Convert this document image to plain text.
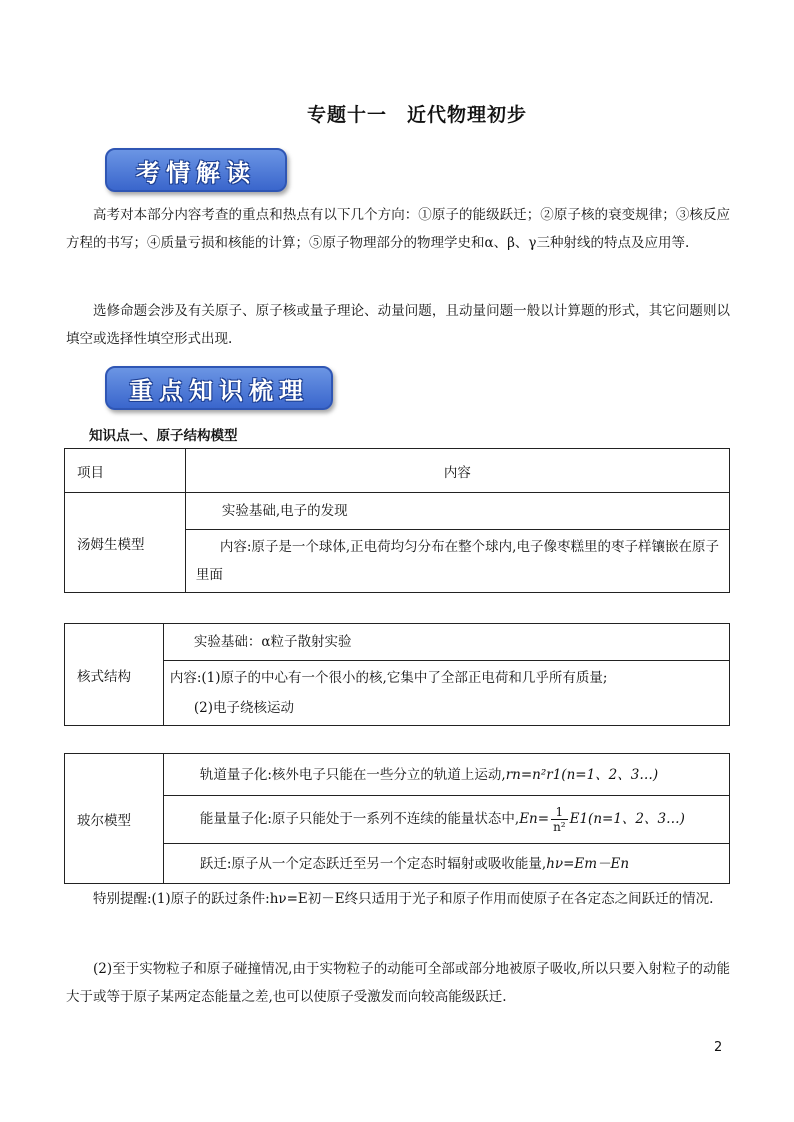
专题十一　近代物理初步
考情解读

高考对本部分内容考查的重点和热点有以下几个方向：①原子的能级跃迁；②原子核的衰变规律；③核反应方程的书写；④质量亏损和核能的计算；⑤原子物理部分的物理学史和α、β、γ三种射线的特点及应用等.

选修命题会涉及有关原子、原子核或量子理论、动量问题，且动量问题一般以计算题的形式，其它问题则以填空或选择性填空形式出现.

重点知识梳理
知识点一、原子结构模型
项目	内容
汤姆生模型	实验基础,电子的发现
	内容:原子是一个球体,正电荷均匀分布在整个球内,电子像枣糕里的枣子样镶嵌在原子里面
核式结构	实验基础：α粒子散射实验

内容:(1)原子的中心有一个很小的核,它集中了全部正电荷和几乎所有质量;
(2)电子绕核运动
玻尔模型	轨道量子化:核外电子只能在一些分立的轨道上运动,rn=n²r1(n=1、2、3…)
能量量子化:原子只能处于一系列不连续的能量状态中$,En= \frac{1}{\text{n²}} E1(n=1$、2、3…)
跃迁:原子从一个定态跃迁至另一个定态时辐射或吸收能量,hν=Em－En

特别提醒:(1)原子的跃过条件:hν=E初－E终只适用于光子和原子作用而使原子在各定态之间跃迁的情况.

(2)至于实物粒子和原子碰撞情况,由于实物粒子的动能可全部或部分地被原子吸收,所以只要入射粒子的动能大于或等于原子某两定态能量之差,也可以使原子受激发而向较高能级跃迁.

2
